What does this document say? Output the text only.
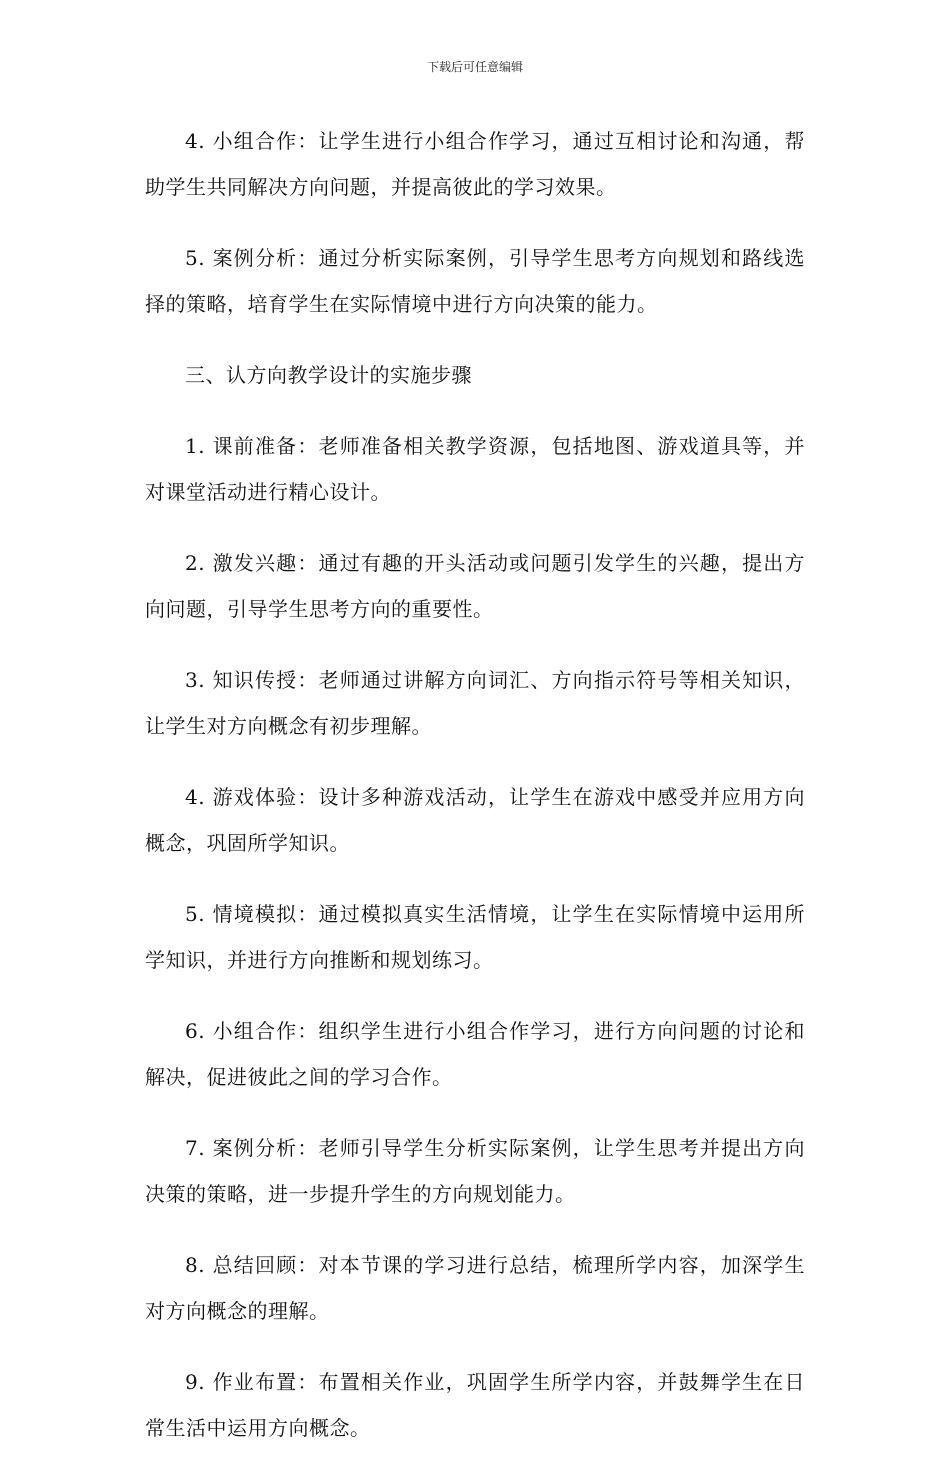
下载后可任意编辑

4. 小组合作：让学生进行小组合作学习，通过互相讨论和沟通，帮助学生共同解决方向问题，并提高彼此的学习效果。

5. 案例分析：通过分析实际案例，引导学生思考方向规划和路线选择的策略，培育学生在实际情境中进行方向决策的能力。

三、认方向教学设计的实施步骤

1. 课前准备：老师准备相关教学资源，包括地图、游戏道具等，并对课堂活动进行精心设计。

2. 激发兴趣：通过有趣的开头活动或问题引发学生的兴趣，提出方向问题，引导学生思考方向的重要性。

3. 知识传授：老师通过讲解方向词汇、方向指示符号等相关知识，让学生对方向概念有初步理解。

4. 游戏体验：设计多种游戏活动，让学生在游戏中感受并应用方向概念，巩固所学知识。

5. 情境模拟：通过模拟真实生活情境，让学生在实际情境中运用所学知识，并进行方向推断和规划练习。

6. 小组合作：组织学生进行小组合作学习，进行方向问题的讨论和解决，促进彼此之间的学习合作。

7. 案例分析：老师引导学生分析实际案例，让学生思考并提出方向决策的策略，进一步提升学生的方向规划能力。

8. 总结回顾：对本节课的学习进行总结，梳理所学内容，加深学生对方向概念的理解。

9. 作业布置：布置相关作业，巩固学生所学内容，并鼓舞学生在日常生活中运用方向概念。
